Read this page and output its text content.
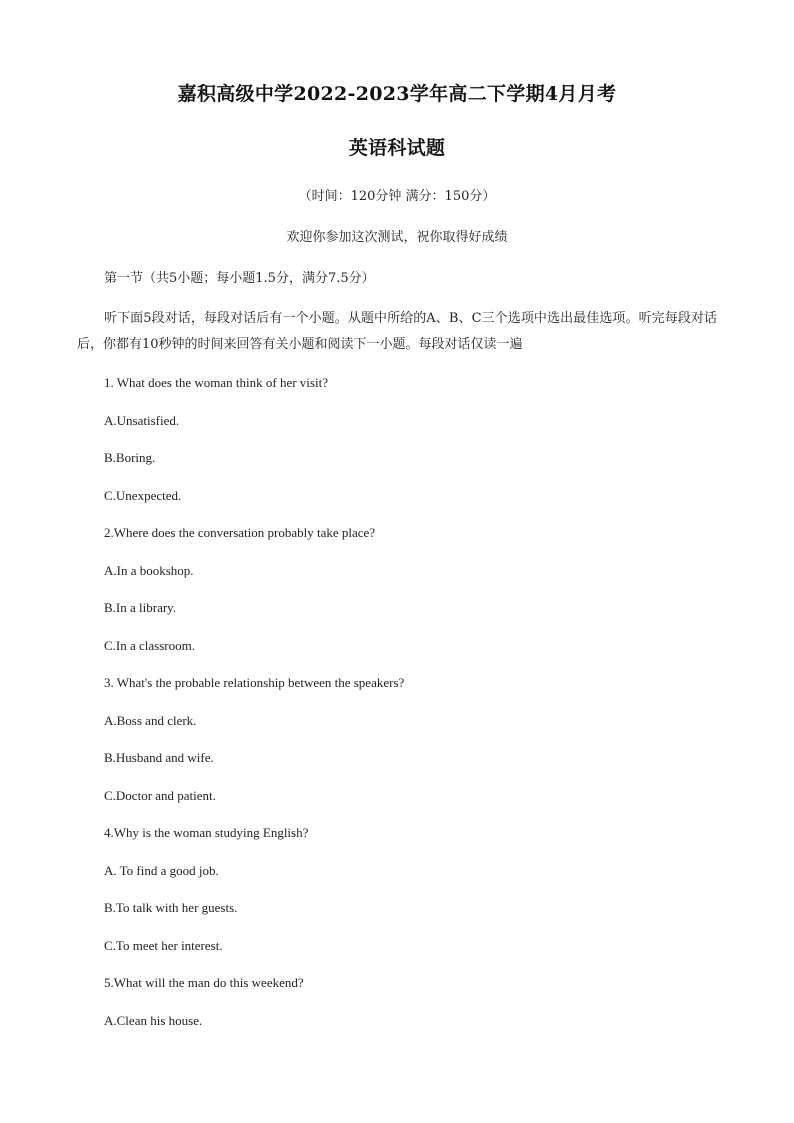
嘉积高级中学2022-2023学年高二下学期4月月考
英语科试题
（时间：120分钟 满分：150分）
欢迎你参加这次测试，祝你取得好成绩
第一节（共5小题；每小题1.5分，满分7.5分）
听下面5段对话，每段对话后有一个小题。从题中所给的A、B、C三个选项中选出最佳选项。听完每段对话后，你都有10秒钟的时间来回答有关小题和阅读下一小题。每段对话仅读一遍
1. What does the woman think of her visit?
A.Unsatisfied.
B.Boring.
C.Unexpected.
2.Where does the conversation probably take place?
A.In a bookshop.
B.In a library.
C.In a classroom.
3. What's the probable relationship between the speakers?
A.Boss and clerk.
B.Husband and wife.
C.Doctor and patient.
4.Why is the woman studying English?
A. To find a good job.
B.To talk with her guests.
C.To meet her interest.
5.What will the man do this weekend?
A.Clean his house.
